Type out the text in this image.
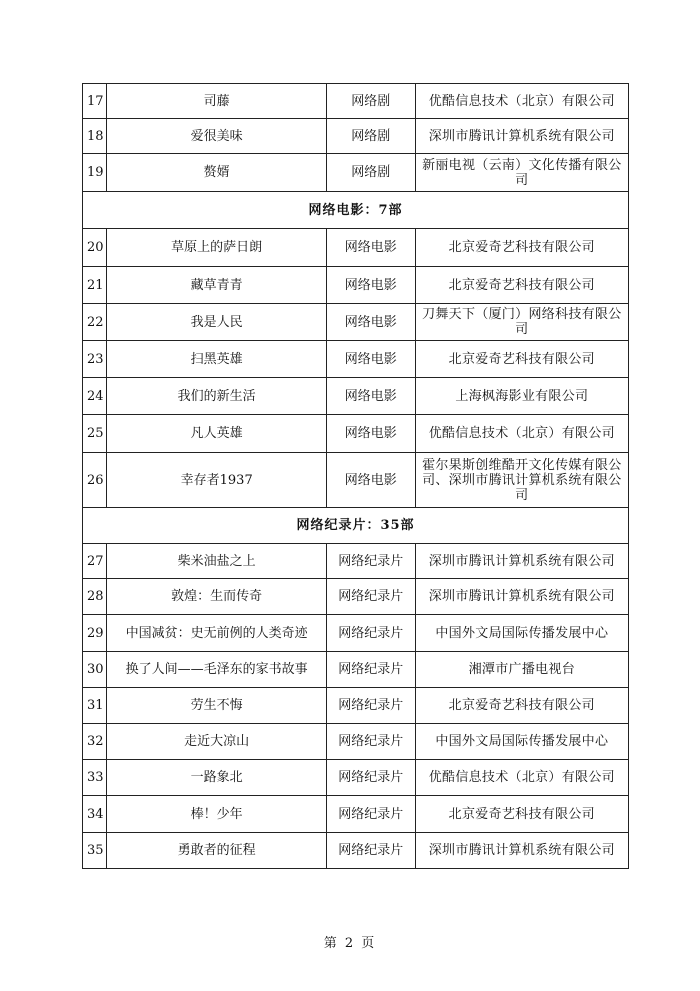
17	司藤	网络剧	优酷信息技术（北京）有限公司
18	爱很美味	网络剧	深圳市腾讯计算机系统有限公司
19	赘婿	网络剧	新丽电视（云南）文化传播有限公司
网络电影：7部			
20	草原上的萨日朗	网络电影	北京爱奇艺科技有限公司
21	藏草青青	网络电影	北京爱奇艺科技有限公司
22	我是人民	网络电影	刀舞天下（厦门）网络科技有限公司
23	扫黑英雄	网络电影	北京爱奇艺科技有限公司
24	我们的新生活	网络电影	上海枫海影业有限公司
25	凡人英雄	网络电影	优酷信息技术（北京）有限公司
26	幸存者1937	网络电影	霍尔果斯创维酷开文化传媒有限公司、深圳市腾讯计算机系统有限公司
网络纪录片：35部			
27	柴米油盐之上	网络纪录片	深圳市腾讯计算机系统有限公司
28	敦煌：生而传奇	网络纪录片	深圳市腾讯计算机系统有限公司
29	中国减贫：史无前例的人类奇迹	网络纪录片	中国外文局国际传播发展中心
30	换了人间——毛泽东的家书故事	网络纪录片	湘潭市广播电视台
31	劳生不悔	网络纪录片	北京爱奇艺科技有限公司
32	走近大凉山	网络纪录片	中国外文局国际传播发展中心
33	一路象北	网络纪录片	优酷信息技术（北京）有限公司
34	棒！少年	网络纪录片	北京爱奇艺科技有限公司
35	勇敢者的征程	网络纪录片	深圳市腾讯计算机系统有限公司
第 2 页
